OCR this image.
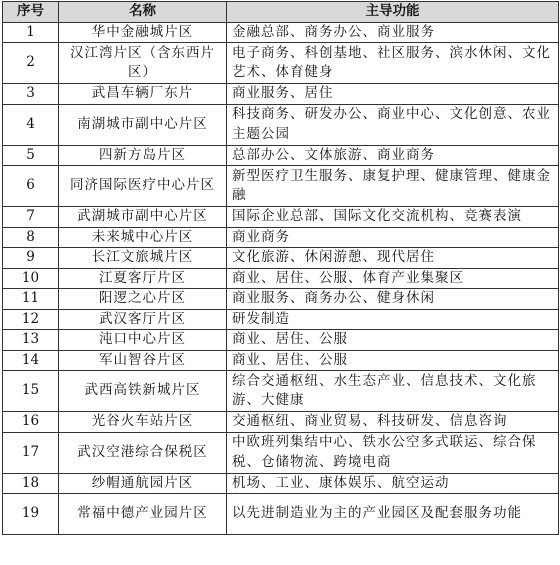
序号	名称	主导功能
1	华中金融城片区	金融总部、商务办公、商业服务
2	汉江湾片区（含东西片区）	电子商务、科创基地、社区服务、滨水休闲、文化艺术、体育健身
3	武昌车辆厂东片	商业服务、居住
4	南湖城市副中心片区	科技商务、研发办公、商业中心、文化创意、农业主题公园
5	四新方岛片区	总部办公、文体旅游、商业商务
6	同济国际医疗中心片区	新型医疗卫生服务、康复护理、健康管理、健康金融
7	武湖城市副中心片区	国际企业总部、国际文化交流机构、竞赛表演
8	未来城中心片区	商业商务
9	长江文旅城片区	文化旅游、休闲游憩、现代居住
10	江夏客厅片区	商业、居住、公服、体育产业集聚区
11	阳逻之心片区	商业服务、商务办公、健身休闲
12	武汉客厅片区	研发制造
13	沌口中心片区	商业、居住、公服
14	军山智谷片区	商业、居住、公服
15	武西高铁新城片区	综合交通枢纽、水生态产业、信息技术、文化旅游、大健康
16	光谷火车站片区	交通枢纽、商业贸易、科技研发、信息咨询
17	武汉空港综合保税区	中欧班列集结中心、铁水公空多式联运、综合保税、仓储物流、跨境电商
18	纱帽通航园片区	机场、工业、康体娱乐、航空运动
19	常福中德产业园片区	以先进制造业为主的产业园区及配套服务功能
